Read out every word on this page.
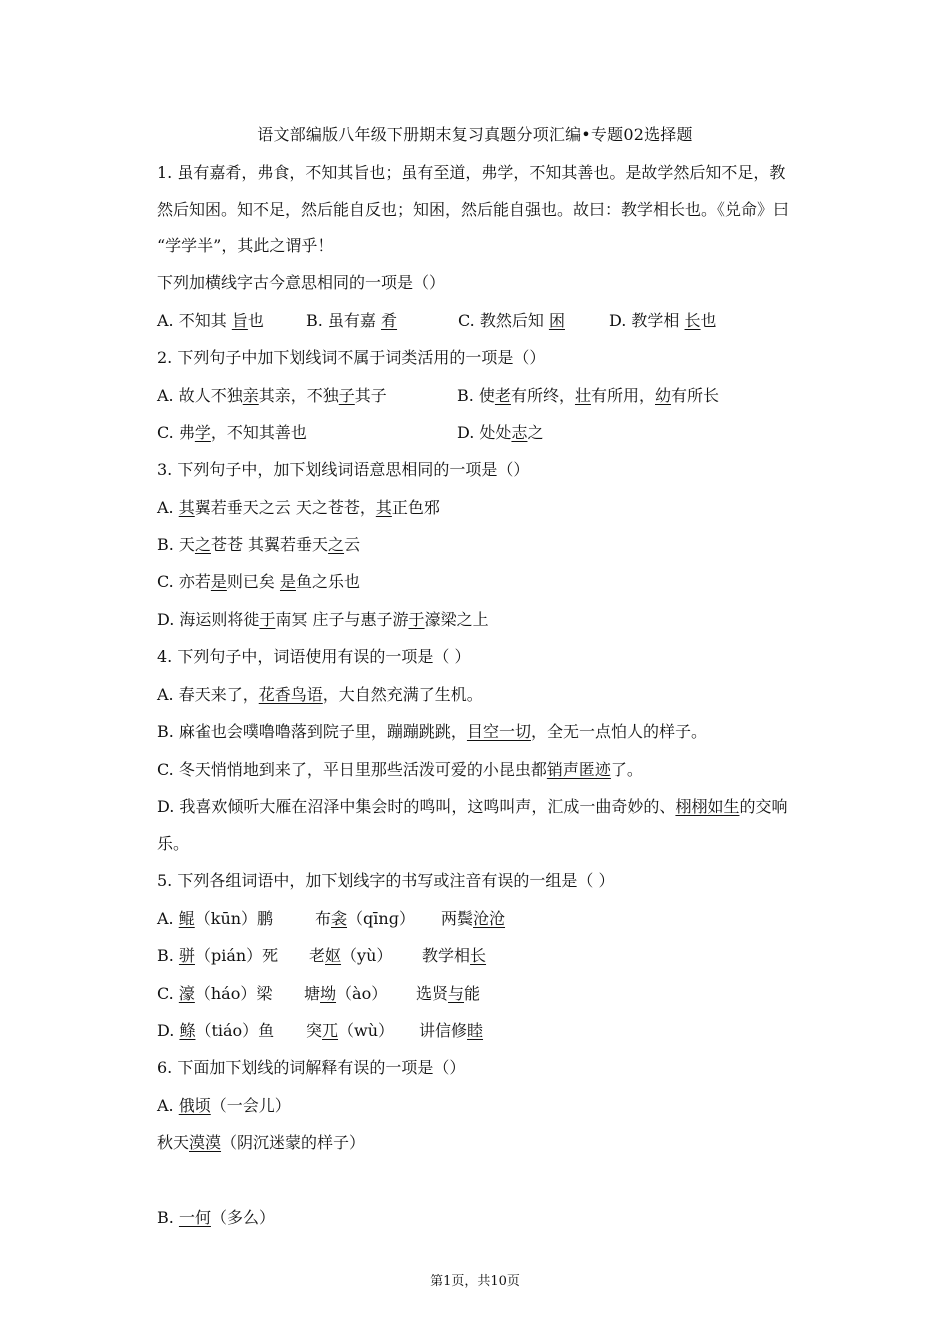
语文部编版八年级下册期末复习真题分项汇编•专题02选择题
1. 虽有嘉肴，弗食，不知其旨也；虽有至道，弗学，不知其善也。是故学然后知不足，教
然后知困。知不足，然后能自反也；知困，然后能自强也。故曰：教学相长也。《兑命》曰
“学学半”，其此之谓乎！
下列加横线字古今意思相同的一项是（）
A. 不知其 旨也	B. 虽有嘉 肴	C. 教然后知 困	D. 教学相 长也
2. 下列句子中加下划线词不属于词类活用的一项是（）
A. 故人不独亲其亲，不独子其子	B. 使老有所终，壮有所用，幼有所长
C. 弗学，不知其善也	D. 处处志之
3. 下列句子中，加下划线词语意思相同的一项是（）
A. 其翼若垂天之云 天之苍苍，其正色邪
B. 天之苍苍 其翼若垂天之云
C. 亦若是则已矣 是鱼之乐也
D. 海运则将徙于南冥 庄子与惠子游于濠梁之上
4. 下列句子中，词语使用有误的一项是（ ）
A. 春天来了，花香鸟语，大自然充满了生机。
B. 麻雀也会噗噜噜落到院子里，蹦蹦跳跳，目空一切，全无一点怕人的样子。
C. 冬天悄悄地到来了，平日里那些活泼可爱的小昆虫都销声匿迹了。
D. 我喜欢倾听大雁在沼泽中集会时的鸣叫，这鸣叫声，汇成一曲奇妙的、栩栩如生的交响
乐。
5. 下列各组词语中，加下划线字的书写或注音有误的一组是（ ）
A. 鲲（kūn）鹏	布衾（qīnɡ） 两鬓沧沧
B. 骈（pián）死 老妪（yù） 教学相长
C. 濠（háo）梁 塘坳（ào） 选贤与能
D. 鲦（tiáo）鱼 突兀（wù） 讲信修睦
6. 下面加下划线的词解释有误的一项是（）
A. 俄顷（一会儿）
秋天漠漠（阴沉迷蒙的样子）
B. 一何（多么）
第1页，共10页
